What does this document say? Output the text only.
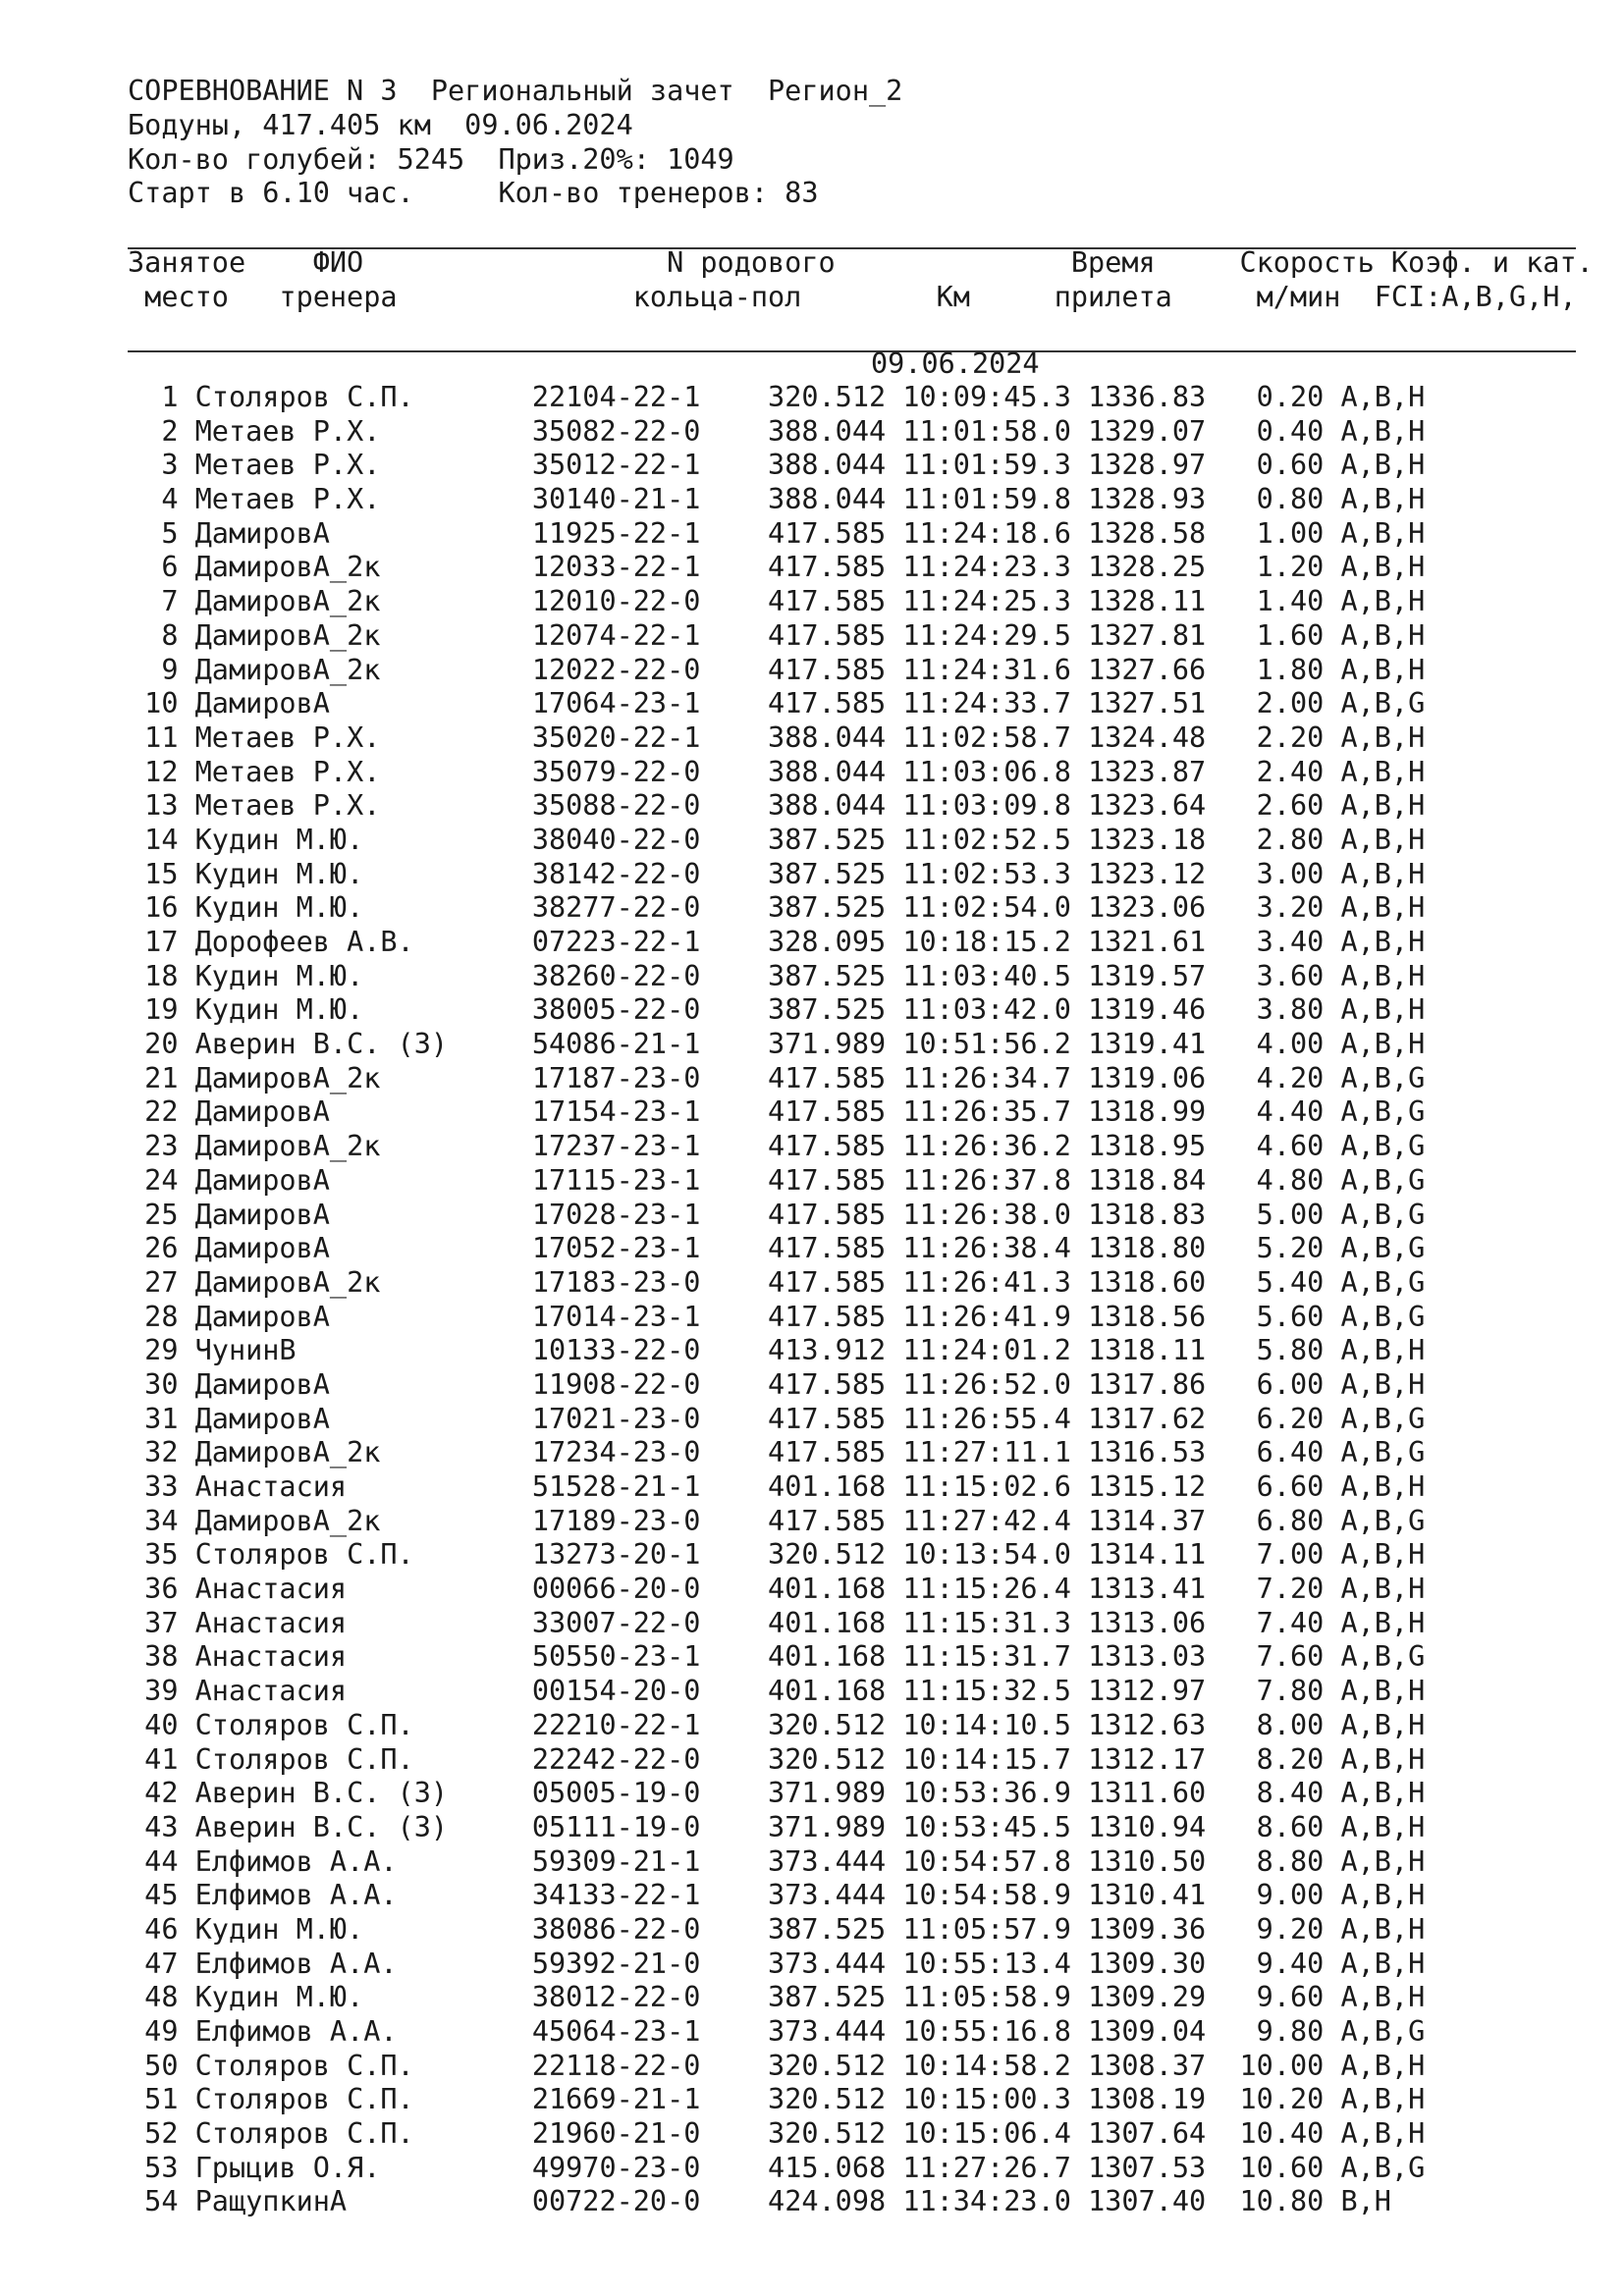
СОРЕВНОВАНИЕ N 3  Региональный зачет  Регион_2
Бодуны, 417.405 км  09.06.2024
Кол-во голубей: 5245  Приз.20%: 1049
Старт в 6.10 час.     Кол-во тренеров: 83
Занятое    ФИО                  N родового              Время     Скорость Коэф. и кат.
место   тренера              кольца-пол        Км     прилета     м/мин  FCI:A,B,G,H,
09.06.2024
1 Столяров С.П.       22104-22-1    320.512 10:09:45.3 1336.83   0.20 A,B,H
2 Метаев Р.Х.         35082-22-0    388.044 11:01:58.0 1329.07   0.40 A,B,H
3 Метаев Р.Х.         35012-22-1    388.044 11:01:59.3 1328.97   0.60 A,B,H
4 Метаев Р.Х.         30140-21-1    388.044 11:01:59.8 1328.93   0.80 A,B,H
5 ДамировА            11925-22-1    417.585 11:24:18.6 1328.58   1.00 A,B,H
6 ДамировА_2к         12033-22-1    417.585 11:24:23.3 1328.25   1.20 A,B,H
7 ДамировА_2к         12010-22-0    417.585 11:24:25.3 1328.11   1.40 A,B,H
8 ДамировА_2к         12074-22-1    417.585 11:24:29.5 1327.81   1.60 A,B,H
9 ДамировА_2к         12022-22-0    417.585 11:24:31.6 1327.66   1.80 A,B,H
10 ДамировА            17064-23-1    417.585 11:24:33.7 1327.51   2.00 A,B,G
11 Метаев Р.Х.         35020-22-1    388.044 11:02:58.7 1324.48   2.20 A,B,H
12 Метаев Р.Х.         35079-22-0    388.044 11:03:06.8 1323.87   2.40 A,B,H
13 Метаев Р.Х.         35088-22-0    388.044 11:03:09.8 1323.64   2.60 A,B,H
14 Кудин М.Ю.          38040-22-0    387.525 11:02:52.5 1323.18   2.80 A,B,H
15 Кудин М.Ю.          38142-22-0    387.525 11:02:53.3 1323.12   3.00 A,B,H
16 Кудин М.Ю.          38277-22-0    387.525 11:02:54.0 1323.06   3.20 A,B,H
17 Дорофеев А.В.       07223-22-1    328.095 10:18:15.2 1321.61   3.40 A,B,H
18 Кудин М.Ю.          38260-22-0    387.525 11:03:40.5 1319.57   3.60 A,B,H
19 Кудин М.Ю.          38005-22-0    387.525 11:03:42.0 1319.46   3.80 A,B,H
20 Аверин В.С. (З)     54086-21-1    371.989 10:51:56.2 1319.41   4.00 A,B,H
21 ДамировА_2к         17187-23-0    417.585 11:26:34.7 1319.06   4.20 A,B,G
22 ДамировА            17154-23-1    417.585 11:26:35.7 1318.99   4.40 A,B,G
23 ДамировА_2к         17237-23-1    417.585 11:26:36.2 1318.95   4.60 A,B,G
24 ДамировА            17115-23-1    417.585 11:26:37.8 1318.84   4.80 A,B,G
25 ДамировА            17028-23-1    417.585 11:26:38.0 1318.83   5.00 A,B,G
26 ДамировА            17052-23-1    417.585 11:26:38.4 1318.80   5.20 A,B,G
27 ДамировА_2к         17183-23-0    417.585 11:26:41.3 1318.60   5.40 A,B,G
28 ДамировА            17014-23-1    417.585 11:26:41.9 1318.56   5.60 A,B,G
29 ЧунинВ              10133-22-0    413.912 11:24:01.2 1318.11   5.80 A,B,H
30 ДамировА            11908-22-0    417.585 11:26:52.0 1317.86   6.00 A,B,H
31 ДамировА            17021-23-0    417.585 11:26:55.4 1317.62   6.20 A,B,G
32 ДамировА_2к         17234-23-0    417.585 11:27:11.1 1316.53   6.40 A,B,G
33 Анастасия           51528-21-1    401.168 11:15:02.6 1315.12   6.60 A,B,H
34 ДамировА_2к         17189-23-0    417.585 11:27:42.4 1314.37   6.80 A,B,G
35 Столяров С.П.       13273-20-1    320.512 10:13:54.0 1314.11   7.00 A,B,H
36 Анастасия           00066-20-0    401.168 11:15:26.4 1313.41   7.20 A,B,H
37 Анастасия           33007-22-0    401.168 11:15:31.3 1313.06   7.40 A,B,H
38 Анастасия           50550-23-1    401.168 11:15:31.7 1313.03   7.60 A,B,G
39 Анастасия           00154-20-0    401.168 11:15:32.5 1312.97   7.80 A,B,H
40 Столяров С.П.       22210-22-1    320.512 10:14:10.5 1312.63   8.00 A,B,H
41 Столяров С.П.       22242-22-0    320.512 10:14:15.7 1312.17   8.20 A,B,H
42 Аверин В.С. (З)     05005-19-0    371.989 10:53:36.9 1311.60   8.40 A,B,H
43 Аверин В.С. (З)     05111-19-0    371.989 10:53:45.5 1310.94   8.60 A,B,H
44 Елфимов А.А.        59309-21-1    373.444 10:54:57.8 1310.50   8.80 A,B,H
45 Елфимов А.А.        34133-22-1    373.444 10:54:58.9 1310.41   9.00 A,B,H
46 Кудин М.Ю.          38086-22-0    387.525 11:05:57.9 1309.36   9.20 A,B,H
47 Елфимов А.А.        59392-21-0    373.444 10:55:13.4 1309.30   9.40 A,B,H
48 Кудин М.Ю.          38012-22-0    387.525 11:05:58.9 1309.29   9.60 A,B,H
49 Елфимов А.А.        45064-23-1    373.444 10:55:16.8 1309.04   9.80 A,B,G
50 Столяров С.П.       22118-22-0    320.512 10:14:58.2 1308.37  10.00 A,B,H
51 Столяров С.П.       21669-21-1    320.512 10:15:00.3 1308.19  10.20 A,B,H
52 Столяров С.П.       21960-21-0    320.512 10:15:06.4 1307.64  10.40 A,B,H
53 Грыцив О.Я.         49970-23-0    415.068 11:27:26.7 1307.53  10.60 A,B,G
54 РащупкинА           00722-20-0    424.098 11:34:23.0 1307.40  10.80 B,H
